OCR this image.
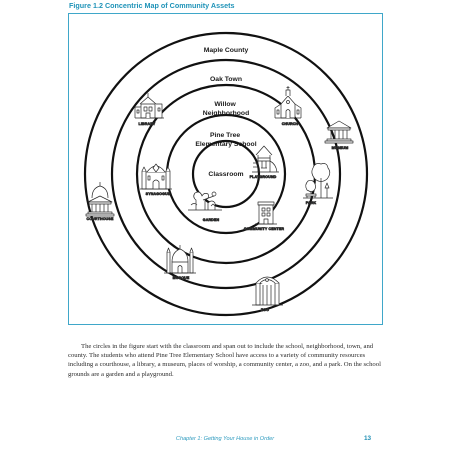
Figure 1.2 Concentric Map of Community Assets
Maple County
Oak Town
Willow Neighborhood
Pine Tree Elementary School
Classroom
CHURCH
MUSEUM
LIBRARY
PLAYGROUND
SYNAGOGUE
PARK
COURTHOUSE	GARDEN
COMMUNITY CENTER
MOSQUE
ZOO

The circles in the figure start with the classroom and span out to include the school, neighborhood, town, and county. The students who attend Pine Tree Elementary School have access to a variety of community resources including a courthouse, a library, a museum, places of worship, a community center, a zoo, and a park. On the school grounds are a garden and a playground.

Chapter 1: Getting Your House in Order	13
